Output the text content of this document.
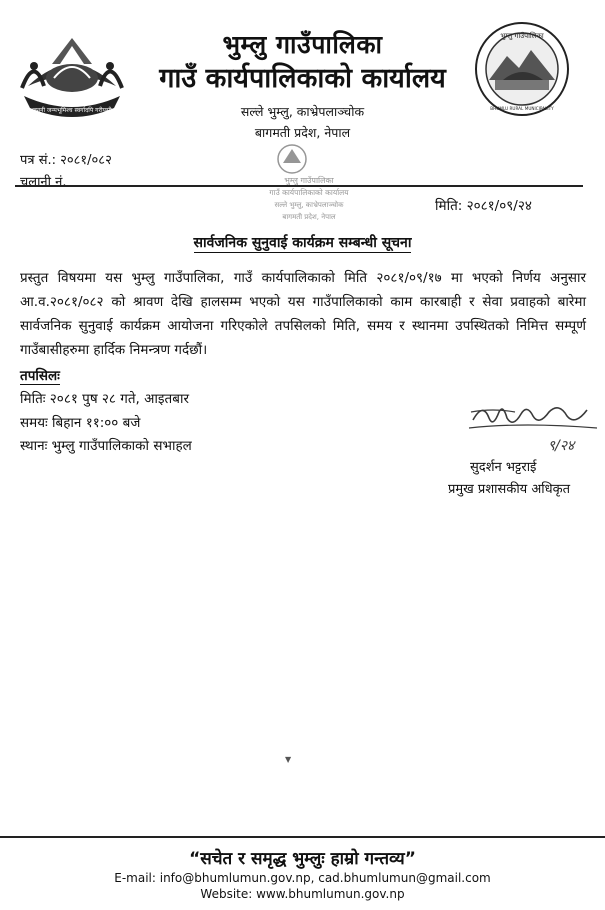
जननी जन्मभूमिश्च स्वर्गादपि गरीयसी
भुम्लु गाउँपालिका
BHUMLU RURAL MUNICIPALITY
भुम्लु गाउँपालिका
गाउँ कार्यपालिकाको कार्यालय
सल्ले भुम्लु, काभ्रेपलाञ्चोक
बागमती प्रदेश, नेपाल
पत्र सं.: २०८१/०८२
चलानी नं.	भुम्लु गाउँपालिका
गाउँ कार्यपालिकाको कार्यालय
सल्ले भुम्लु, काभ्रेपलाञ्चोक
बागमती प्रदेश, नेपाल
मिति: २०८१/०९/२४
सार्वजनिक सुनुवाई कार्यक्रम सम्बन्धी सूचना
प्रस्तुत विषयमा यस भुम्लु गाउँपालिका, गाउँ कार्यपालिकाको मिति २०८१/०९/१७ मा भएको निर्णय अनुसार आ.व.२०८१/०८२ को श्रावण देखि हालसम्म भएको यस गाउँपालिकाको काम कारबाही र सेवा प्रवाहको बारेमा सार्वजनिक सुनुवाई कार्यक्रम आयोजना गरिएकोले तपसिलको मिति, समय र स्थानमा उपस्थितको निमित्त सम्पूर्ण गाउँबासीहरुमा हार्दिक निमन्त्रण गर्दछौं।
तपसिलः
मितिः २०८१ पुष २८ गते, आइतबार
समयः बिहान ११:०० बजे
स्थानः भुम्लु गाउँपालिकाको सभाहल	९/२४
सुदर्शन भट्टराई
प्रमुख प्रशासकीय अधिकृत
▼
“सचेत र समृद्ध भुम्लुः हाम्रो गन्तव्य”
E-mail: info@bhumlumun.gov.np, cad.bhumlumun@gmail.com
Website: www.bhumlumun.gov.np
